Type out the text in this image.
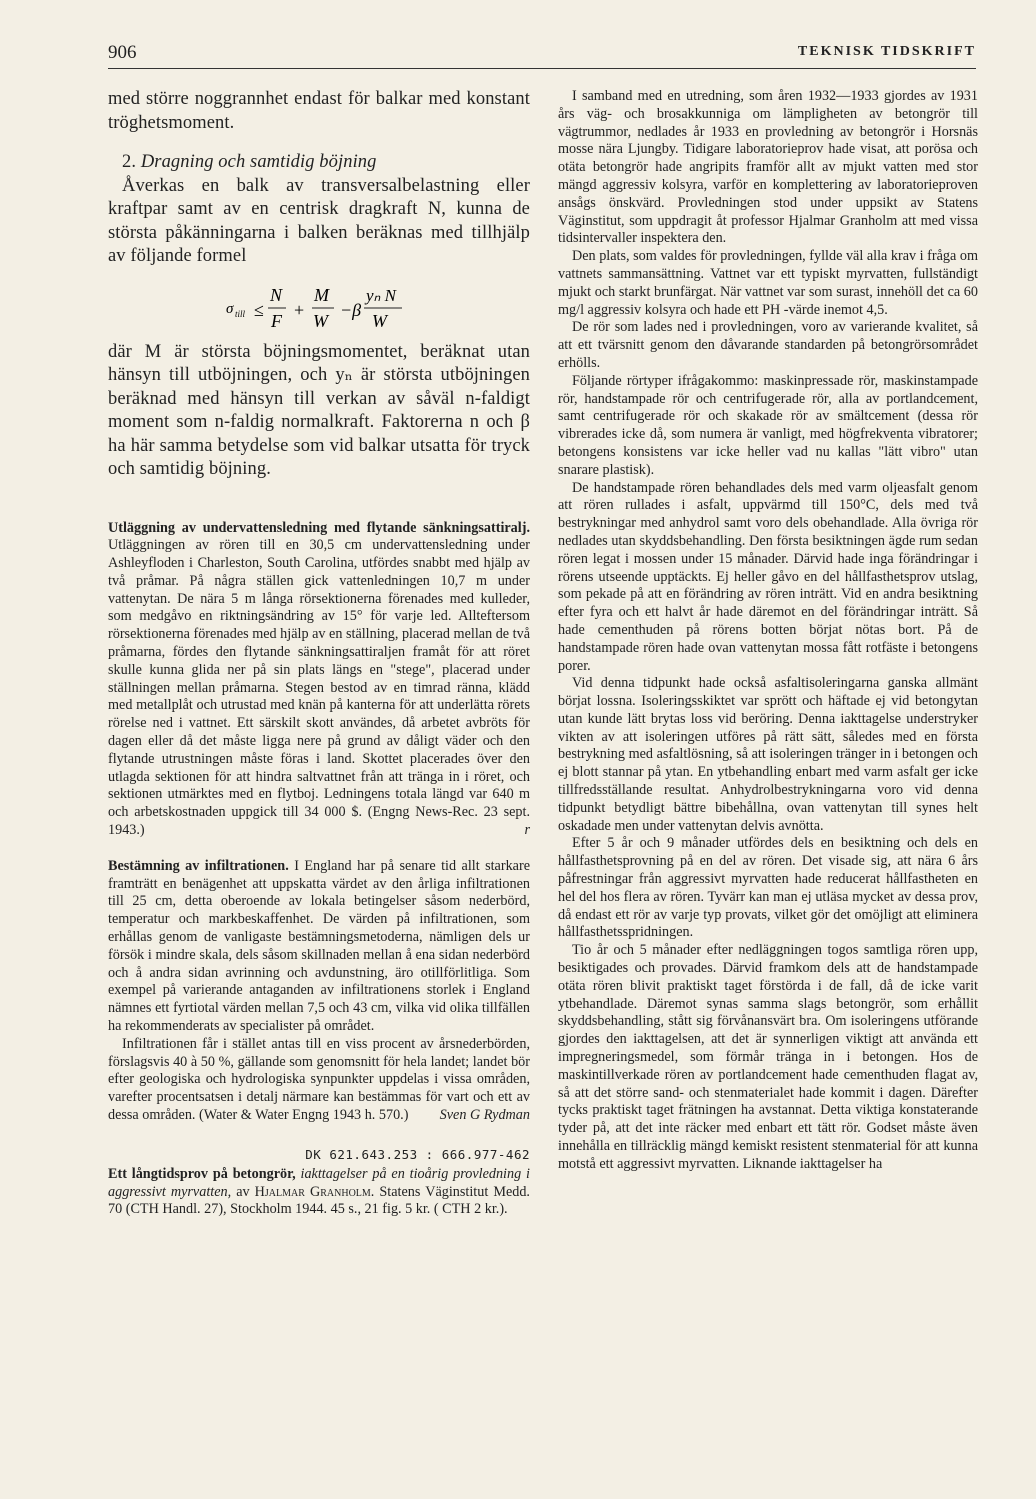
906	TEKNISK TIDSKRIFT

med större noggrannhet endast för balkar med konstant tröghetsmoment.

2. Dragning och samtidig böjning

Åverkas en balk av transversalbelastning eller kraftpar samt av en centrisk dragkraft N, kunna de största påkänningarna i balken beräknas med tillhjälp av följande formel

σ till ≤
N
F
+
M
W
−β
yₙ N
W

där M är största böjningsmomentet, beräknat utan hänsyn till utböjningen, och yₙ är största utböjningen beräknad med hänsyn till verkan av såväl n-faldigt moment som n-faldig normalkraft. Faktorerna n och β ha här samma betydelse som vid balkar utsatta för tryck och samtidig böjning.

Utläggning av undervattensledning med flytande sänkningsattiralj. Utläggningen av rören till en 30,5 cm undervattensledning under Ashleyfloden i Charleston, South Carolina, utfördes snabbt med hjälp av två pråmar. På några ställen gick vattenledningen 10,7 m under vattenytan. De nära 5 m långa rörsektionerna förenades med kulleder, som medgåvo en riktningsändring av 15° för varje led. Allteftersom rörsektionerna förenades med hjälp av en ställning, placerad mellan de två pråmarna, fördes den flytande sänkningsattiraljen framåt för att röret skulle kunna glida ner på sin plats längs en "stege", placerad under ställningen mellan pråmarna. Stegen bestod av en timrad ränna, klädd med metallplåt och utrustad med knän på kanterna för att underlätta rörets rörelse ned i vattnet. Ett särskilt skott användes, då arbetet avbröts för dagen eller då det måste ligga nere på grund av dåligt väder och den flytande utrustningen måste föras i land. Skottet placerades över den utlagda sektionen för att hindra saltvattnet från att tränga in i röret, och sektionen utmärktes med en flytboj. Ledningens totala längd var 640 m och arbetskostnaden uppgick till 34 000 $. (Engng News-Rec. 23 sept. 1943.)	r

Bestämning av infiltrationen. I England har på senare tid allt starkare framträtt en benägenhet att uppskatta värdet av den årliga infiltrationen till 25 cm, detta oberoende av lokala betingelser såsom nederbörd, temperatur och markbeskaffenhet. De värden på infiltrationen, som erhållas genom de vanligaste bestämningsmetoderna, nämligen dels ur försök i mindre skala, dels såsom skillnaden mellan å ena sidan nederbörd och å andra sidan avrinning och avdunstning, äro otillförlitliga. Som exempel på varierande antaganden av infiltrationens storlek i England nämnes ett fyrtiotal värden mellan 7,5 och 43 cm, vilka vid olika tillfällen ha rekommenderats av specialister på området.

Infiltrationen får i stället antas till en viss procent av årsnederbörden, förslagsvis 40 à 50 %, gällande som genomsnitt för hela landet; landet bör efter geologiska och hydrologiska synpunkter uppdelas i vissa områden, varefter procentsatsen i detalj närmare kan bestämmas för vart och ett av dessa områden. (Water & Water Engng 1943 h. 570.)	Sven G Rydman

DK 621.643.253 : 666.977-462

Ett långtidsprov på betongrör, iakttagelser på en tioårig provledning i aggressivt myrvatten, av Hjalmar Granholm. Statens Väginstitut Medd. 70 (CTH Handl. 27), Stockholm 1944. 45 s., 21 fig. 5 kr. ( CTH 2 kr.).

I samband med en utredning, som åren 1932—1933 gjordes av 1931 års väg- och brosakkunniga om lämpligheten av betongrör till vägtrummor, nedlades år 1933 en provledning av betongrör i Horsnäs mosse nära Ljungby. Tidigare laboratorieprov hade visat, att porösa och otäta betongrör hade angripits framför allt av mjukt vatten med stor mängd aggressiv kolsyra, varför en komplettering av laboratorieproven ansågs önskvärd. Provledningen stod under uppsikt av Statens Väginstitut, som uppdragit åt professor Hjalmar Granholm att med vissa tidsintervaller inspektera den.

Den plats, som valdes för provledningen, fyllde väl alla krav i fråga om vattnets sammansättning. Vattnet var ett typiskt myrvatten, fullständigt mjukt och starkt brunfärgat. När vattnet var som surast, innehöll det ca 60 mg/l aggressiv kolsyra och hade ett PH -värde inemot 4,5.

De rör som lades ned i provledningen, voro av varierande kvalitet, så att ett tvärsnitt genom den dåvarande standarden på betongrörsområdet erhölls.

Följande rörtyper ifrågakommo: maskinpressade rör, maskinstampade rör, handstampade rör och centrifugerade rör, alla av portlandcement, samt centrifugerade rör och skakade rör av smältcement (dessa rör vibrerades icke då, som numera är vanligt, med högfrekventa vibratorer; betongens konsistens var icke heller vad nu kallas "lätt vibro" utan snarare plastisk).

De handstampade rören behandlades dels med varm oljeasfalt genom att rören rullades i asfalt, uppvärmd till 150°C, dels med två bestrykningar med anhydrol samt voro dels obehandlade. Alla övriga rör nedlades utan skyddsbehandling. Den första besiktningen ägde rum sedan rören legat i mossen under 15 månader. Därvid hade inga förändringar i rörens utseende upptäckts. Ej heller gåvo en del hållfasthetsprov utslag, som pekade på att en förändring av rören inträtt. Vid en andra besiktning efter fyra och ett halvt år hade däremot en del förändringar inträtt. Så hade cementhuden på rörens botten börjat nötas bort. På de handstampade rören hade ovan vattenytan mossa fått rotfäste i betongens porer.

Vid denna tidpunkt hade också asfaltisoleringarna ganska allmänt börjat lossna. Isoleringsskiktet var sprött och häftade ej vid betongytan utan kunde lätt brytas loss vid beröring. Denna iakttagelse understryker vikten av att isoleringen utföres på rätt sätt, således med en första bestrykning med asfaltlösning, så att isoleringen tränger in i betongen och ej blott stannar på ytan. En ytbehandling enbart med varm asfalt ger icke tillfredsställande resultat. Anhydrolbestrykningarna voro vid denna tidpunkt betydligt bättre bibehållna, ovan vattenytan till synes helt oskadade men under vattenytan delvis avnötta.

Efter 5 år och 9 månader utfördes dels en besiktning och dels en hållfasthetsprovning på en del av rören. Det visade sig, att nära 6 års påfrestningar från aggressivt myrvatten hade reducerat hållfastheten en hel del hos flera av rören. Tyvärr kan man ej utläsa mycket av dessa prov, då endast ett rör av varje typ provats, vilket gör det omöjligt att eliminera hållfasthetsspridningen.

Tio år och 5 månader efter nedläggningen togos samtliga rören upp, besiktigades och provades. Därvid framkom dels att de handstampade otäta rören blivit praktiskt taget förstörda i de fall, då de icke varit ytbehandlade. Däremot synas samma slags betongrör, som erhållit skyddsbehandling, stått sig förvånansvärt bra. Om isoleringens utförande gjordes den iakttagelsen, att det är synnerligen viktigt att använda ett impregneringsmedel, som förmår tränga in i betongen. Hos de maskintillverkade rören av portlandcement hade cementhuden flagat av, så att det större sand- och stenmaterialet hade kommit i dagen. Därefter tycks praktiskt taget frätningen ha avstannat. Detta viktiga konstaterande tyder på, att det inte räcker med enbart ett tätt rör. Godset måste även innehålla en tillräcklig mängd kemiskt resistent stenmaterial för att kunna motstå ett aggressivt myrvatten. Liknande iakttagelser ha
